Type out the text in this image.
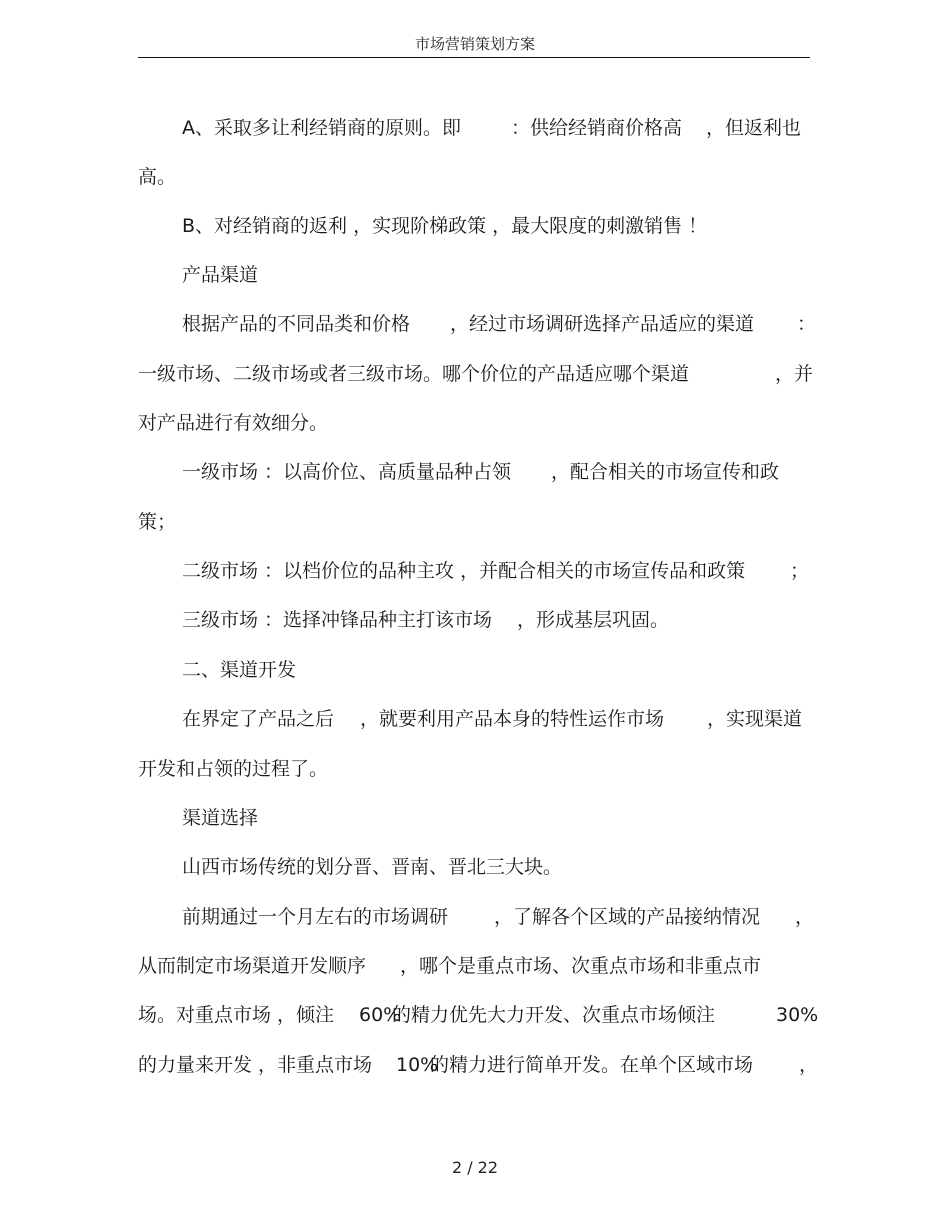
市场营销策划方案

A、采取多让利经销商的原则。即

	：供给经销商价格高

，但返利也

高。

B、对经销商的返利 ，实现阶梯政策 ，最大限度的刺激销售 ！

产品渠道

根据产品的不同品类和价格

，经过市场调研选择产品适应的渠道

：

一级市场、二级市场或者三级市场。哪个价位的产品适应哪个渠道

	，并

对产品进行有效细分。

一级市场 ：以高价位、高质量品种占领

，配合相关的市场宣传和政

策；

二级市场 ：以档价位的品种主攻 ，并配合相关的市场宣传品和政策

；

三级市场 ：选择冲锋品种主打该市场

，形成基层巩固。

二、渠道开发

在界定了产品之后

，就要利用产品本身的特性运作市场

，实现渠道

开发和占领的过程了。

渠道选择

山西市场传统的划分晋、晋南、晋北三大块。

前期通过一个月左右的市场调研

，了解各个区域的产品接纳情况

，

从而制定市场渠道开发顺序

，哪个是重点市场、次重点市场和非重点市

场。对重点市场 ，倾注

60%

的精力优先大力开发、次重点市场倾注

	30%

的力量来开发 ，非重点市场

10%

的精力进行简单开发。在单个区域市场

，

2 / 22
